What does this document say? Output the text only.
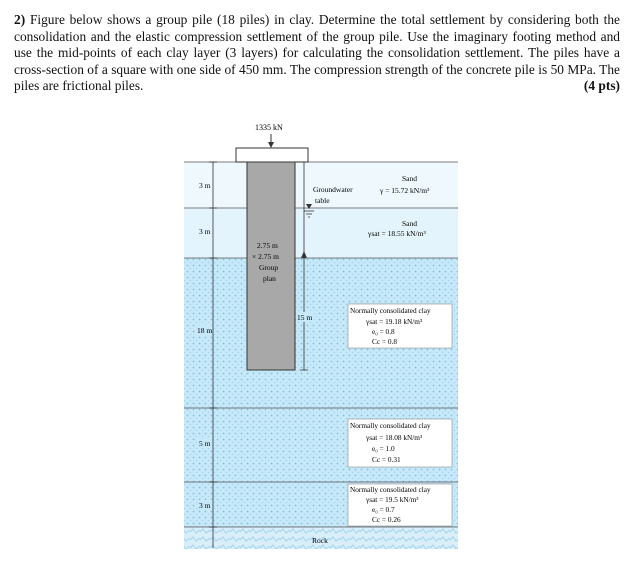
2) Figure below shows a group pile (18 piles) in clay. Determine the total settlement by considering both the consolidation and the elastic compression settlement of the group pile. Use the imaginary footing method and use the mid-points of each clay layer (3 layers) for calculating the consolidation settlement. The piles have a cross-section of a square with one side of 450 mm. The compression strength of the concrete pile is 50 MPa. The piles are frictional piles.	(4 pts)
1335 kN
3 m
3 m
18 m
5 m
3 m
15 m
2.75 m
× 2.75 m
Group
plan
Groundwater
table
Sand
γ = 15.72 kN/m³
Sand
γsat = 18.55 kN/m³
Normally consolidated clay
γsat = 19.18 kN/m³
e₀ = 0.8
Cc = 0.8
Normally consolidated clay
γsat = 18.08 kN/m³
e₀ = 1.0
Cc = 0.31
Normally consolidated clay
γsat = 19.5 kN/m³
e₀ = 0.7
Cc = 0.26
Rock
